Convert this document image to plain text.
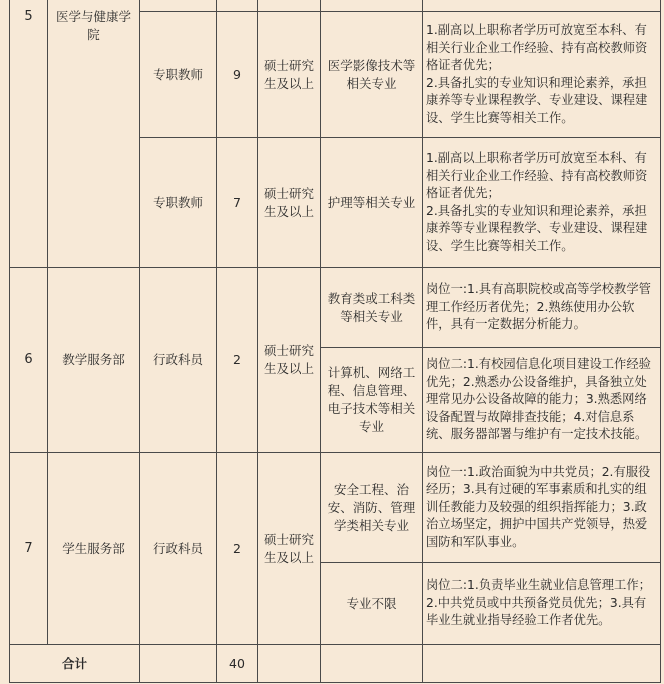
5	医学与健康学院					
		专职教师	9	硕士研究生及以上	医学影像技术等相关专业	1.副高以上职称者学历可放宽至本科、有相关行业企业工作经验、持有高校教师资格证者优先；
2.具备扎实的专业知识和理论素养，承担康养等专业课程教学、专业建设、课程建设、学生比赛等相关工作。
		专职教师	7	硕士研究生及以上	护理等相关专业	1.副高以上职称者学历可放宽至本科、有相关行业企业工作经验、持有高校教师资格证者优先；
2.具备扎实的专业知识和理论素养，承担康养等专业课程教学、专业建设、课程建设、学生比赛等相关工作。
6	教学服务部	行政科员	2	硕士研究生及以上	教育类或工科类等相关专业	岗位一:1.具有高职院校或高等学校教学管理工作经历者优先；2.熟练使用办公软件，具有一定数据分析能力。
					计算机、网络工程、信息管理、电子技术等相关专业	岗位二:1.有校园信息化项目建设工作经验优先；2.熟悉办公设备维护，具备独立处理常见办公设备故障的能力；3.熟悉网络设备配置与故障排查技能；4.对信息系统、服务器部署与维护有一定技术技能。
7	学生服务部	行政科员	2	硕士研究生及以上	安全工程、治安、消防、管理学类相关专业	岗位一:1.政治面貌为中共党员；2.有服役经历；3.具有过硬的军事素质和扎实的组训任教能力及较强的组织指挥能力；3.政治立场坚定，拥护中国共产党领导，热爱国防和军队事业。
					专业不限	岗位二:1.负责毕业生就业信息管理工作；2.中共党员或中共预备党员优先；3.具有毕业生就业指导经验工作者优先。
合计			40			
